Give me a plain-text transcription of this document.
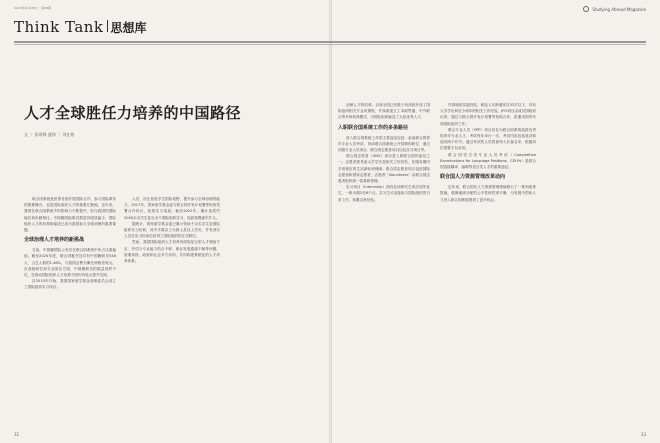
2023年04月25日 · 第08期	Studying Abroad Magazine
Think Tank 思想库
人才全球胜任力培养的中国路径
文 ｜ 张琼锦 盛诤 ｜ 刘仕格

联合国系统是世界各国开展国际合作、参与国际事务的重要舞台，也是国际组织人才的重要汇聚地。近年来，我国在联合国系统中的影响力不断提升，但与我国的国际地位和贡献相比，中国籍国际职员数量仍明显偏少，国际组织人才的培养和输送已成为我国参与全球治理的重要课题。

全球治理人才培养的新挑战

当前，中国籍国际公务员在联合国系统中所占比重偏低。截至2020年底，联合国秘书处共有中国籍职员548人，占总人数的1.46%，与我国会费分摊比例相差较大。在高级职位和专业岗位方面，中国籍职员的数量同样不足，在推动国际组织人才培养方面仍有较大提升空间。

自2015年开始，我国国家留学基金管理委员会设立了国际组织实习项目。

人员，旨在拓宽学生国际视野、提升参与全球治理的能力。2017年，国家留学基金委与联合国开发计划署等机构签署合作协议，拓展实习渠道。截至2022年，累计选派约2000余名学生赴百余个国际组织实习，选派规模逐年扩大。

据统计，国家留学基金委已累计资助千余名学生赴国际组织实习任职，其中半数以上为硕士及以上学历，并有部分人员在实习结束后获得了国际组织的正式职位。

然而，我国国际组织人才培养仍面临复合型人才储备不足、外语与专业能力结合不够、职业发展通道不畅等问题，需要高校、政府和社会多方协同，共同构建系统化的人才培养体系。

治理人才的培养。目前全国已有数十所高校开设了国际组织相关专业或课程，并探索建立了本硕贯通、中外联合等多种培养模式，为国际组织输送了大批优秀人才。

入职联合国系统工作的多条路径

进入联合国系统工作的主要途径包括：参加联合国青年专业人员考试、申请联合国系统公开招聘的职位、通过初级专业人员项目、联合国志愿者项目以及实习项目等。

联合国志愿者（UNV）项目是入职联合国的途径之一。志愿者需具备大学学历及相关工作经验，在服务期内享受相应的生活津贴和保障。联合国志愿者项目包括国际志愿者和国家志愿者，志愿者（Volunteers）由联合国志愿者组织统一招募和管理。

实习项目（Internship）面向在读研究生或应届毕业生，一般为期2至6个月。实习生可直接参与国际组织的日常工作，积累宝贵经验。

作领域的实践经验，候选人年龄通常在32岁以下，具有大学学历和至少两年的相关工作经验。JPO项目由成员国政府出资，通过与联合国开发计划署等机构合作，派遣本国青年到国际组织工作。

联合专业人员（YPP）项目旨在为联合国系统选拔优秀的青年专业人才，考试每年举行一次，考试内容包括笔试和面试两个环节。通过考试的人员将被列入后备名单，根据岗位需要予以录用。

联合国语言类专业人员考试（Competitive Examinations for Language Positions，CELPs）是联合国选拔翻译、编辑等语言类人才的重要途径。

联合国人力资源管理改革动向

近年来，联合国在人力资源管理领域推行了一系列改革措施，强调地域分配的公平性和性别平衡，为发展中国家人才进入联合国系统提供了更多机会。

32	33
